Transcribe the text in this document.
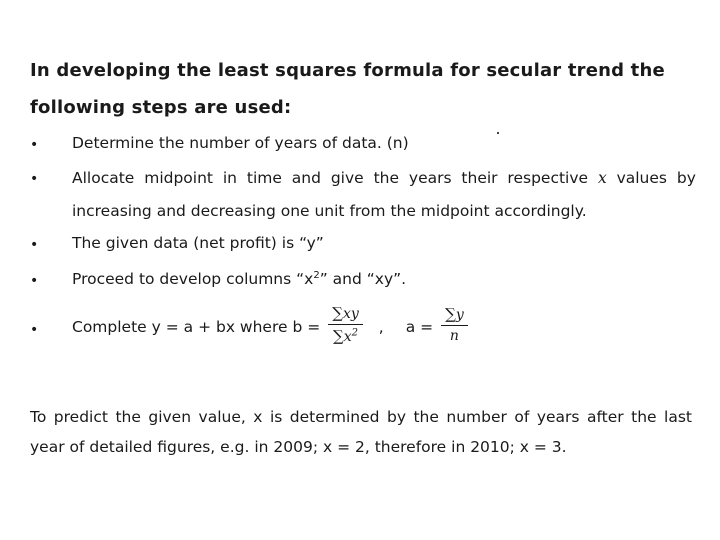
In developing the least squares formula for secular trend the
following steps are used:
• Determine the number of years of data. (n)
• Allocate midpoint in time and give the years their respective x values by
increasing and decreasing one unit from the midpoint accordingly.
• The given data (net profit) is “y”
• Proceed to develop columns “$x^2$” and “xy”.
• Complete y = a + bx where $b = \frac{\sum xy}{\sum x^2}$ , $a = \frac{\sum y}{n}$
To predict the given value, x is determined by the number of years after the last
year of detailed figures, e.g. in 2009; x = 2, therefore in 2010; x = 3.
